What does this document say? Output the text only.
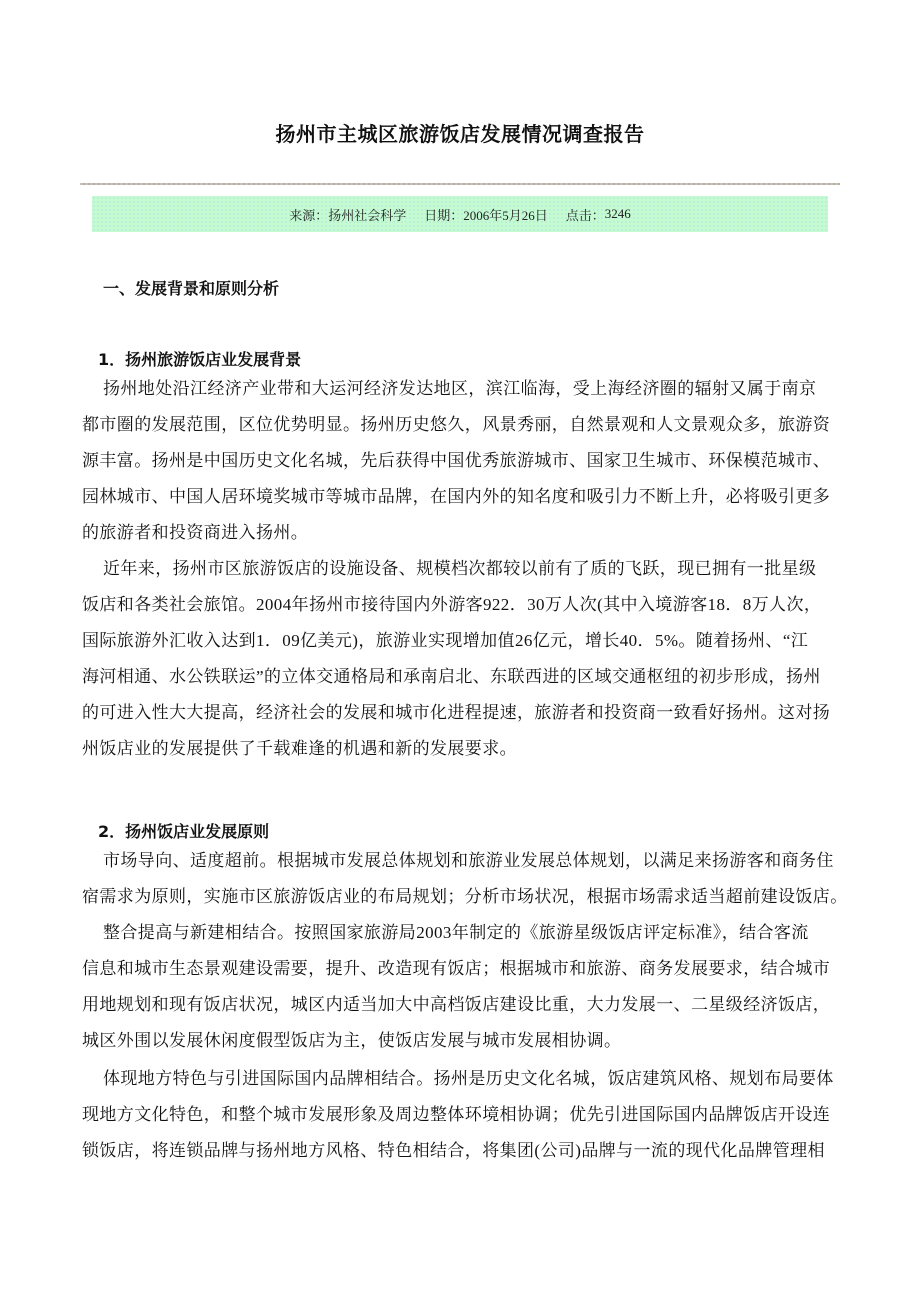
扬州市主城区旅游饭店发展情况调查报告
来源： 扬州社会科学 日期： 2006年5月26日 点击： 3246
一、发展背景和原则分析
1．扬州旅游饭店业发展背景
扬州地处沿江经济产业带和大运河经济发达地区，滨江临海，受上海经济圈的辐射又属于南京
都市圈的发展范围，区位优势明显。扬州历史悠久，风景秀丽，自然景观和人文景观众多，旅游资
源丰富。扬州是中国历史文化名城，先后获得中国优秀旅游城市、国家卫生城市、环保模范城市、
园林城市、中国人居环境奖城市等城市品牌，在国内外的知名度和吸引力不断上升，必将吸引更多
的旅游者和投资商进入扬州。
近年来，扬州市区旅游饭店的设施设备、规模档次都较以前有了质的飞跃，现已拥有一批星级
饭店和各类社会旅馆。2004年扬州市接待国内外游客922．30万人次(其中入境游客18．8万人次，
国际旅游外汇收入达到1．09亿美元)，旅游业实现增加值26亿元，增长40．5%。随着扬州、“江
海河相通、水公铁联运”的立体交通格局和承南启北、东联西进的区域交通枢纽的初步形成，扬州
的可进入性大大提高，经济社会的发展和城市化进程提速，旅游者和投资商一致看好扬州。这对扬
州饭店业的发展提供了千载难逢的机遇和新的发展要求。
2．扬州饭店业发展原则
市场导向、适度超前。根据城市发展总体规划和旅游业发展总体规划，以满足来扬游客和商务住
宿需求为原则，实施市区旅游饭店业的布局规划；分析市场状况，根据市场需求适当超前建设饭店。
整合提高与新建相结合。按照国家旅游局2003年制定的《旅游星级饭店评定标准》，结合客流
信息和城市生态景观建设需要，提升、改造现有饭店；根据城市和旅游、商务发展要求，结合城市
用地规划和现有饭店状况，城区内适当加大中高档饭店建设比重，大力发展一、二星级经济饭店，
城区外围以发展休闲度假型饭店为主，使饭店发展与城市发展相协调。
体现地方特色与引进国际国内品牌相结合。扬州是历史文化名城，饭店建筑风格、规划布局要体
现地方文化特色，和整个城市发展形象及周边整体环境相协调；优先引进国际国内品牌饭店开设连
锁饭店，将连锁品牌与扬州地方风格、特色相结合，将集团(公司)品牌与一流的现代化品牌管理相
